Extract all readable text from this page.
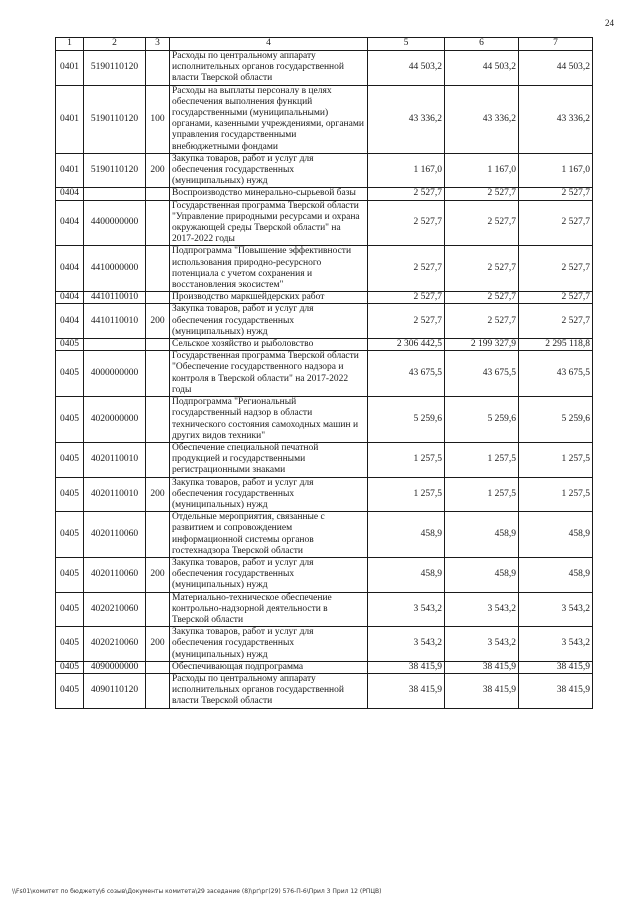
24
1	2	3	4	5	6	7
0401	5190110120		Расходы по центральному аппарату исполнительных органов государственной власти Тверской области	44 503,2	44 503,2	44 503,2
0401	5190110120	100	Расходы на выплаты персоналу в целях обеспечения выполнения функций государственными (муниципальными) органами, казенными учреждениями, органами управления государственными внебюджетными фондами	43 336,2	43 336,2	43 336,2
0401	5190110120	200	Закупка товаров, работ и услуг для обеспечения государственных (муниципальных) нужд	1 167,0	1 167,0	1 167,0
0404			Воспроизводство минерально-сырьевой базы	2 527,7	2 527,7	2 527,7
0404	4400000000		Государственная программа Тверской области "Управление природными ресурсами и охрана окружающей среды Тверской области" на 2017-2022 годы	2 527,7	2 527,7	2 527,7
0404	4410000000		Подпрограмма "Повышение эффективности использования природно-ресурсного потенциала с учетом сохранения и восстановления экосистем"	2 527,7	2 527,7	2 527,7
0404	4410110010		Производство маркшейдерских работ	2 527,7	2 527,7	2 527,7
0404	4410110010	200	Закупка товаров, работ и услуг для обеспечения государственных (муниципальных) нужд	2 527,7	2 527,7	2 527,7
0405			Сельское хозяйство и рыболовство	2 306 442,5	2 199 327,9	2 295 118,8
0405	4000000000		Государственная программа Тверской области "Обеспечение государственного надзора и контроля в Тверской области" на 2017-2022 годы	43 675,5	43 675,5	43 675,5
0405	4020000000		Подпрограмма "Региональный государственный надзор в области технического состояния самоходных машин и других видов техники"	5 259,6	5 259,6	5 259,6
0405	4020110010		Обеспечение специальной печатной продукцией и государственными регистрационными знаками	1 257,5	1 257,5	1 257,5
0405	4020110010	200	Закупка товаров, работ и услуг для обеспечения государственных (муниципальных) нужд	1 257,5	1 257,5	1 257,5
0405	4020110060		Отдельные мероприятия, связанные с развитием и сопровождением информационной системы органов гостехнадзора Тверской области	458,9	458,9	458,9
0405	4020110060	200	Закупка товаров, работ и услуг для обеспечения государственных (муниципальных) нужд	458,9	458,9	458,9
0405	4020210060		Материально-техническое обеспечение контрольно-надзорной деятельности в Тверской области	3 543,2	3 543,2	3 543,2
0405	4020210060	200	Закупка товаров, работ и услуг для обеспечения государственных (муниципальных) нужд	3 543,2	3 543,2	3 543,2
0405	4090000000		Обеспечивающая подпрограмма	38 415,9	38 415,9	38 415,9
0405	4090110120		Расходы по центральному аппарату исполнительных органов государственной власти Тверской области	38 415,9	38 415,9	38 415,9
\\Fs01\комитет по бюджету\6 созыв\Документы комитета\29 заседание (8)\рг\рг(29) 576-П-6\Прил 3 Прил 12 (РПЦВ)
